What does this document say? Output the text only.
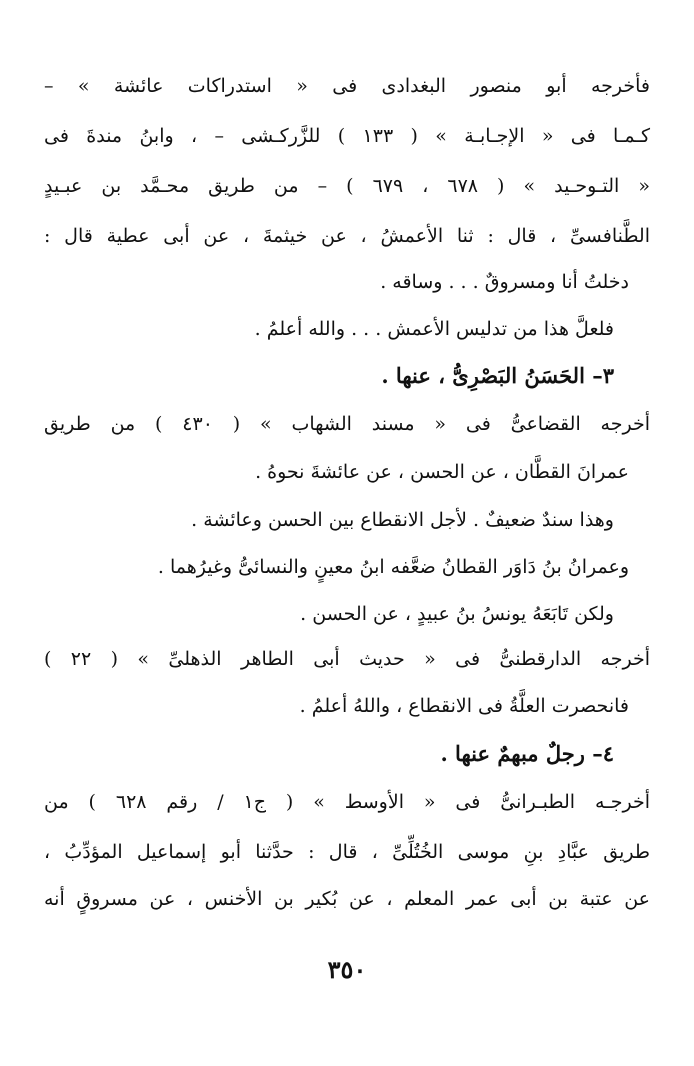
فأخرجه أبو منصور البغدادى فى « استدراكات عائشة » –
كـمـا فى « الإجـابـة » ( ١٣٣ ) للزَّركـشى – ، وابنُ مندةَ فى
« التـوحـيد » ( ٦٧٨ ، ٦٧٩ ) – من طريق محـمَّد بن عبـيدٍ
الطَّنافسىِّ ، قال : ثنا الأعمشُ ، عن خيثمةَ ، عن أبى عطية قال :
دخلتُ أنا ومسروقٌ . . . وساقه .
فلعلَّ هذا من تدليس الأعمش . . . والله أعلمُ .
٣– الحَسَنُ البَصْرِىُّ ، عنها .
أخرجه القضاعىُّ فى « مسند الشهاب » ( ٤٣٠ ) من طريق
عمرانَ القطَّان ، عن الحسن ، عن عائشةَ نحوهُ .
وهذا سندٌ ضعيفٌ . لأجل الانقطاع بين الحسن وعائشة .
وعمرانُ بنُ دَاوَر القطانُ ضعَّفه ابنُ معينٍ والنسائىُّ وغيرُهما .
ولكن تَابَعَهُ يونسُ بنُ عبيدٍ ، عن الحسن .
أخرجه الدارقطنىُّ فى « حديث أبى الطاهر الذهلىِّ » ( ٢٢ )
فانحصرت العلَّةُ فى الانقطاع ، واللهُ أعلمُ .
٤– رجلٌ مبهمٌ عنها .
أخرجـه الطبـرانىُّ فى « الأوسط » ( ج١ / رقم ٦٢٨ ) من
طريق عبَّادِ بنِ موسى الخُتُلِّىِّ ، قال : حدَّثنا أبو إسماعيل المؤدِّبُ ،
عن عتبة بن أبى عمر المعلم ، عن بُكير بن الأخنس ، عن مسروقٍ أنه
٣٥٠
